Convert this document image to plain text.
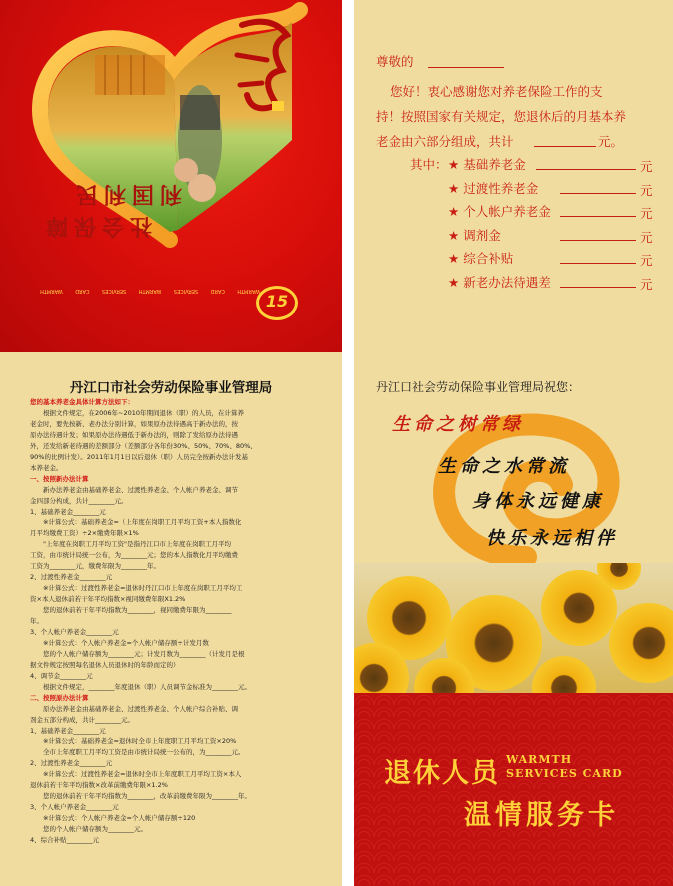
社会保障
利国利民
WARMTH
CARD
SERVICES
WARMTH
SERVICES
CARD
WARMTH
15
丹江口市社会劳动保险事业管理局
您的基本养老金具体计算方法如下：
　　根据文件规定，在2006年~2010年期间退休（职）的人员，在计算养
老金时，要先按新、老办法分别计算，如果原办法待遇高于新办法的，按
原办法待遇计发；如果原办法待遇低于新办法的，则除了发给原办法待遇
外，还发给新老待遇的差额部分（差额部分各年份30%、50%、70%、80%、
90%的比例计发）。2011年1月1日以后退休（职）人员完全按新办法计发基
本养老金。
一、按照新办法计算
　　新办法养老金由基础养老金、过渡性养老金、个人帐户养老金、调节
金四部分构成，共计________元。
1、基础养老金________元
　　※计算公式：基础养老金=（上年度在岗职工月平均工资+本人指数化
月平均缴费工资）÷2×缴费年限×1%
　　"上年度在岗职工月平均工资"是指丹江口市上年度在岗职工月平均
工资，由市统计局统一公布，为________元；您的本人指数化月平均缴费
工资为________元，缴费年限为________年。
2、过渡性养老金________元
　　※计算公式：过渡性养老金=退休时丹江口市上年度在岗职工月平均工
资×本人退休前若干年平均指数×视同缴费年限X1.2%
　　您的退休前若干年平均指数为________，视同缴费年限为________
年。
3、个人帐户养老金________元
　　※计算公式：个人帐户养老金=个人帐户储存额÷计发月数
　　您的个人帐户储存额为________元；计发月数为________（计发月是根
据文件规定按照每名退休人员退休时的年龄而定的）
4、调节金________元
　　根据文件规定，________年度退休（职）人员调节金标准为________元。
二、按照原办法计算
　　原办法养老金由基础养老金、过渡性养老金、个人帐户综合补贴、调
剂金五部分构成，共计________元。
1、基础养老金________元
　　※计算公式：基础养老金=退休时全市上年度职工月平均工资×20%
　　全市上年度职工月平均工资是由市统计局统一公布的，为________元。
2、过渡性养老金________元
　　※计算公式：过渡性养老金=退休时全市上年度职工月平均工资×本人
退休前若干年平均指数×改革前缴费年限×1.2%
　　您的退休前若干年平均指数为________，改革前缴费年限为________年。
3、个人帐户养老金________元
　　※计算公式：个人帐户养老金=个人帐户储存额÷120
　　您的个人帐户储存额为________元。
4、综合补贴________元
尊敬的
您好！衷心感谢您对养老保险工作的支
持！按照国家有关规定，您退休后的月基本养
老金由六部分组成，共计	元。
其中： ★ 基础养老金	元
★ 过渡性养老金	元
★ 个人帐户养老金	元
★ 调剂金	元
★ 综合补贴	元
★ 新老办法待遇差	元
丹江口社会劳动保险事业管理局祝您：
生命之树常绿
生命之水常流
身体永远健康
快乐永远相伴
退休人员 WARMTH
SERVICES CARD
温情服务卡
